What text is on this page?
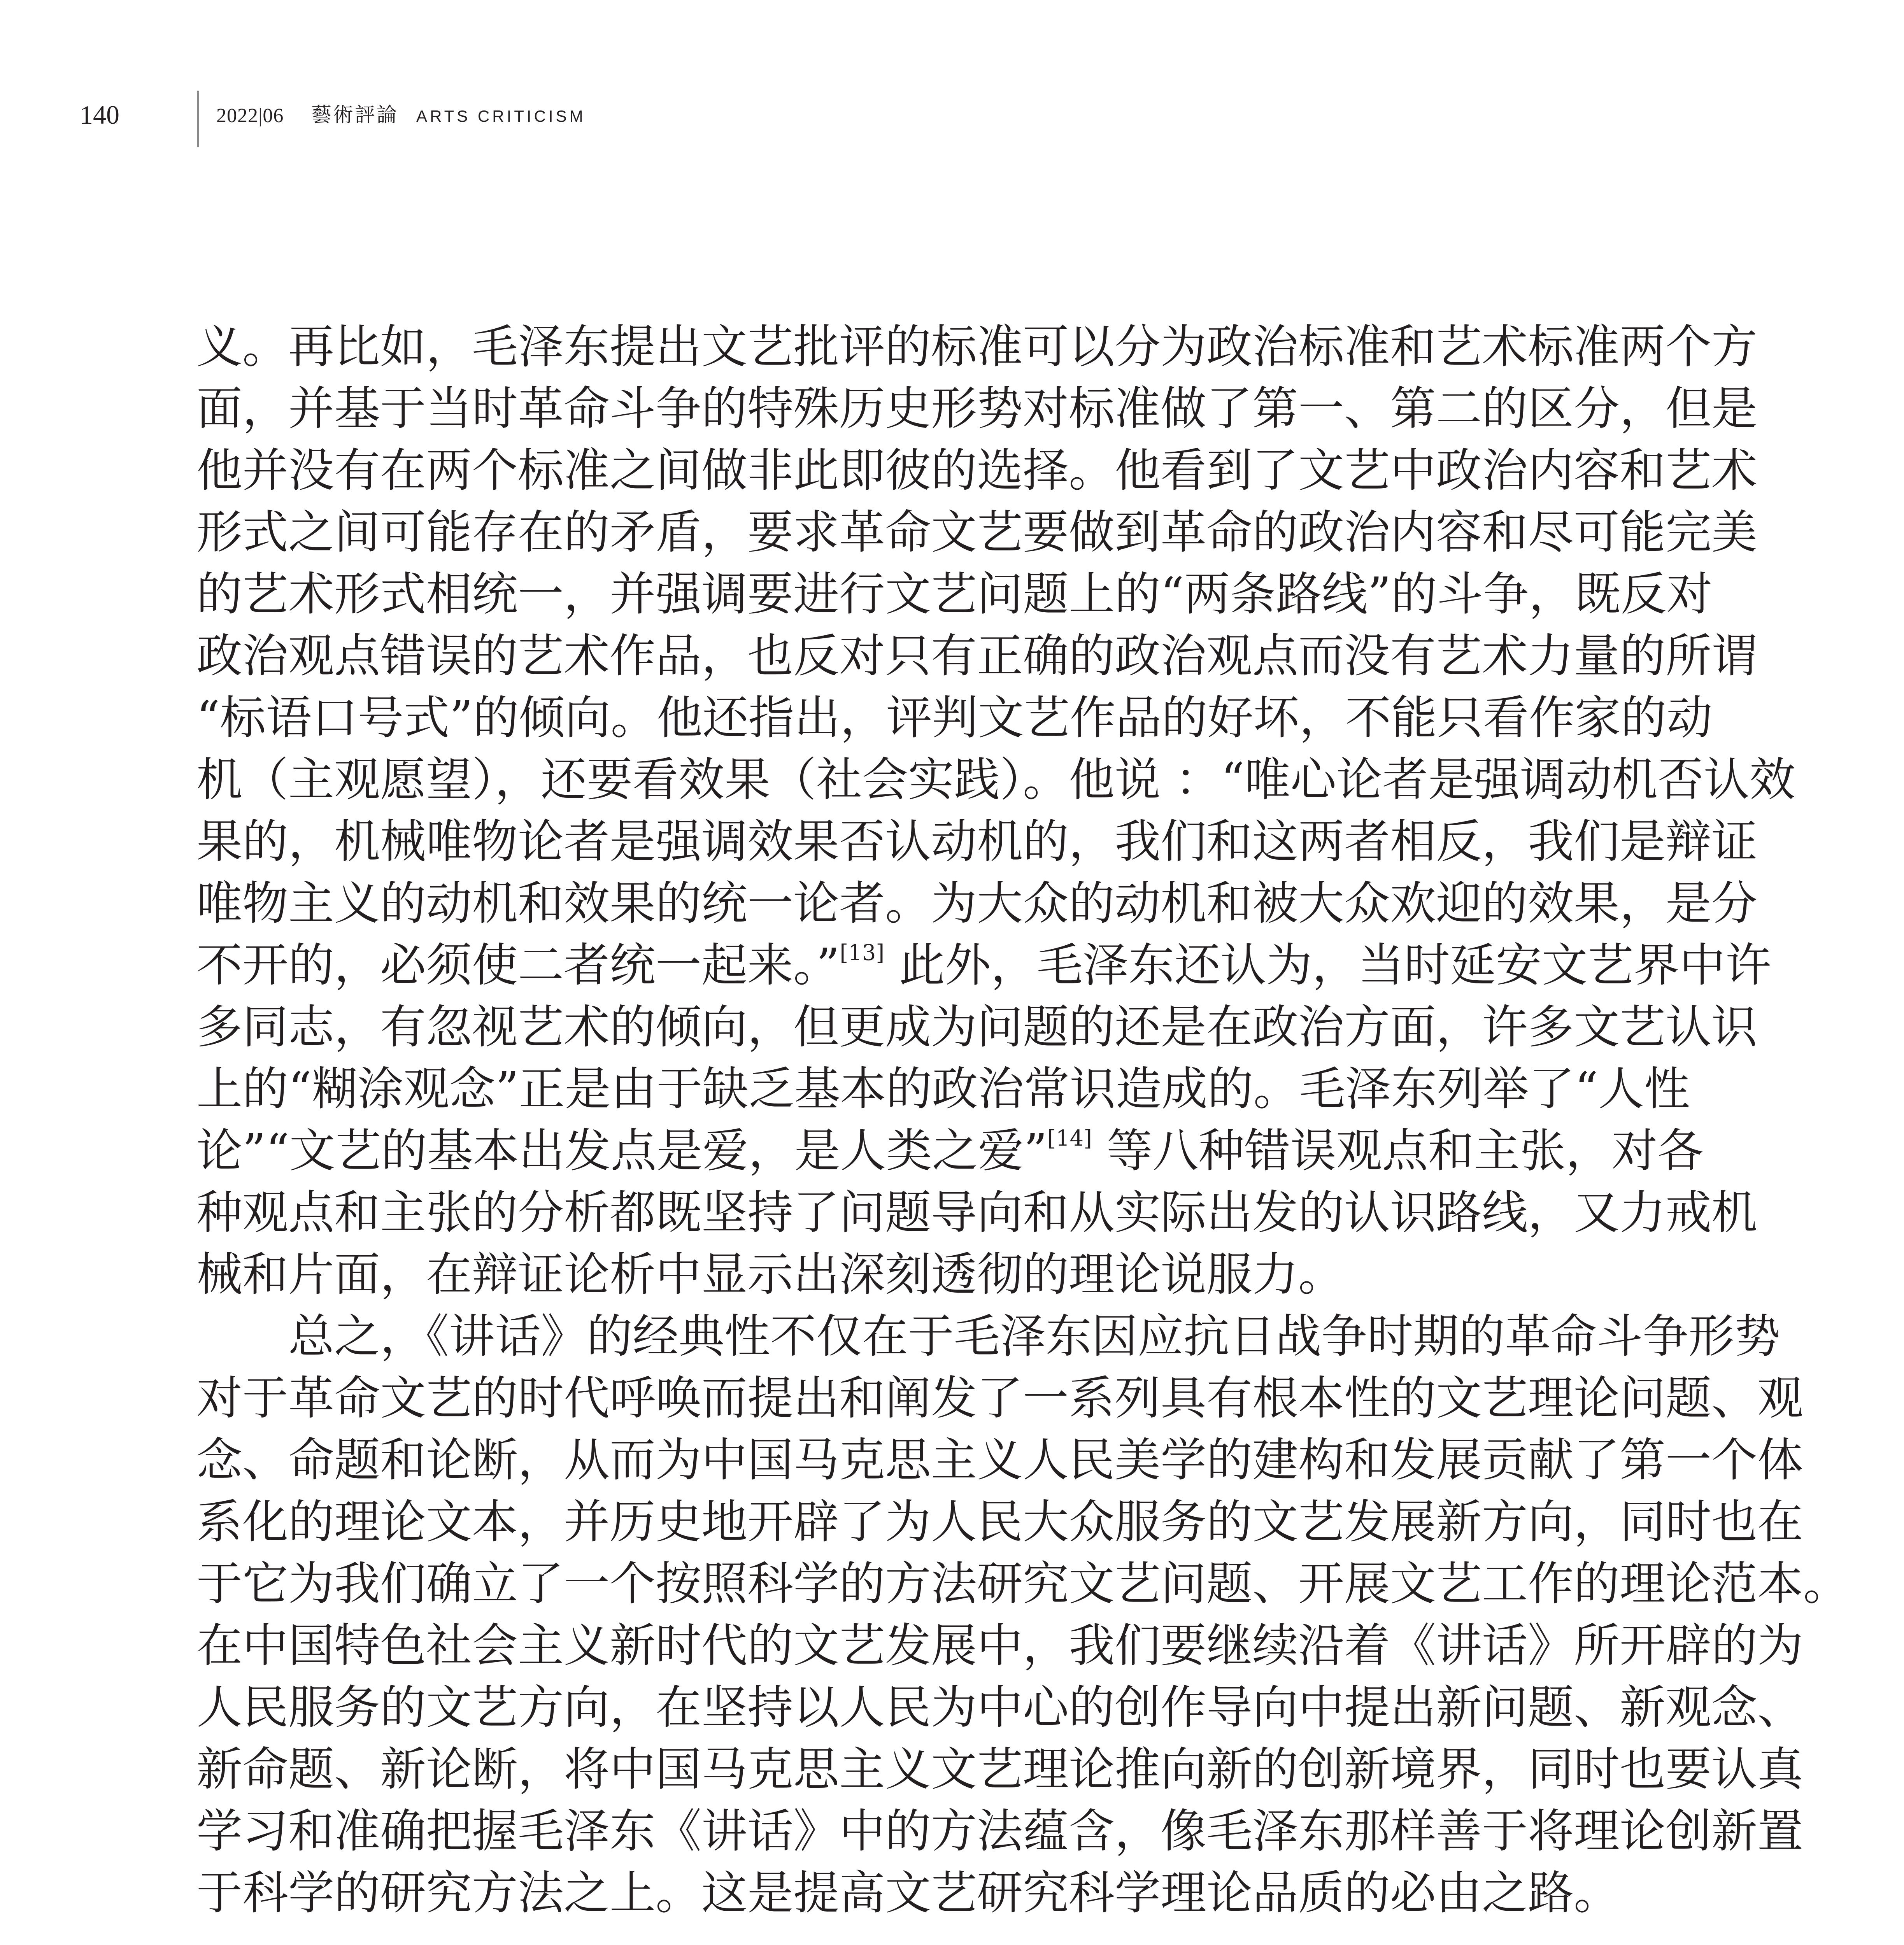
140	2022|06 藝術評論 ARTS CRITICISM
义。再比如，毛泽东提出文艺批评的标准可以分为政治标准和艺术标准两个方
面，并基于当时革命斗争的特殊历史形势对标准做了第一、第二的区分，但是
他并没有在两个标准之间做非此即彼的选择。他看到了文艺中政治内容和艺术
形式之间可能存在的矛盾，要求革命文艺要做到革命的政治内容和尽可能完美
的艺术形式相统一，并强调要进行文艺问题上的“两条路线”的斗争，既反对
政治观点错误的艺术作品，也反对只有正确的政治观点而没有艺术力量的所谓
“标语口号式”的倾向。他还指出，评判文艺作品的好坏，不能只看作家的动
机（主观愿望），还要看效果（社会实践）。他说 ：“唯心论者是强调动机否认效
果的，机械唯物论者是强调效果否认动机的，我们和这两者相反，我们是辩证
唯物主义的动机和效果的统一论者。为大众的动机和被大众欢迎的效果，是分
不开的，必须使二者统一起来。”[13] 此外，毛泽东还认为，当时延安文艺界中许
多同志，有忽视艺术的倾向，但更成为问题的还是在政治方面，许多文艺认识
上的“糊涂观念”正是由于缺乏基本的政治常识造成的。毛泽东列举了“人性
论”“文艺的基本出发点是爱，是人类之爱”[14] 等八种错误观点和主张，对各
种观点和主张的分析都既坚持了问题导向和从实际出发的认识路线，又力戒机
械和片面，在辩证论析中显示出深刻透彻的理论说服力。
　　总之，《讲话》的经典性不仅在于毛泽东因应抗日战争时期的革命斗争形势
对于革命文艺的时代呼唤而提出和阐发了一系列具有根本性的文艺理论问题、观
念、命题和论断，从而为中国马克思主义人民美学的建构和发展贡献了第一个体
系化的理论文本，并历史地开辟了为人民大众服务的文艺发展新方向，同时也在
于它为我们确立了一个按照科学的方法研究文艺问题、开展文艺工作的理论范本。
在中国特色社会主义新时代的文艺发展中，我们要继续沿着《讲话》所开辟的为
人民服务的文艺方向，在坚持以人民为中心的创作导向中提出新问题、新观念、
新命题、新论断，将中国马克思主义文艺理论推向新的创新境界，同时也要认真
学习和准确把握毛泽东《讲话》中的方法蕴含，像毛泽东那样善于将理论创新置
于科学的研究方法之上。这是提高文艺研究科学理论品质的必由之路。
